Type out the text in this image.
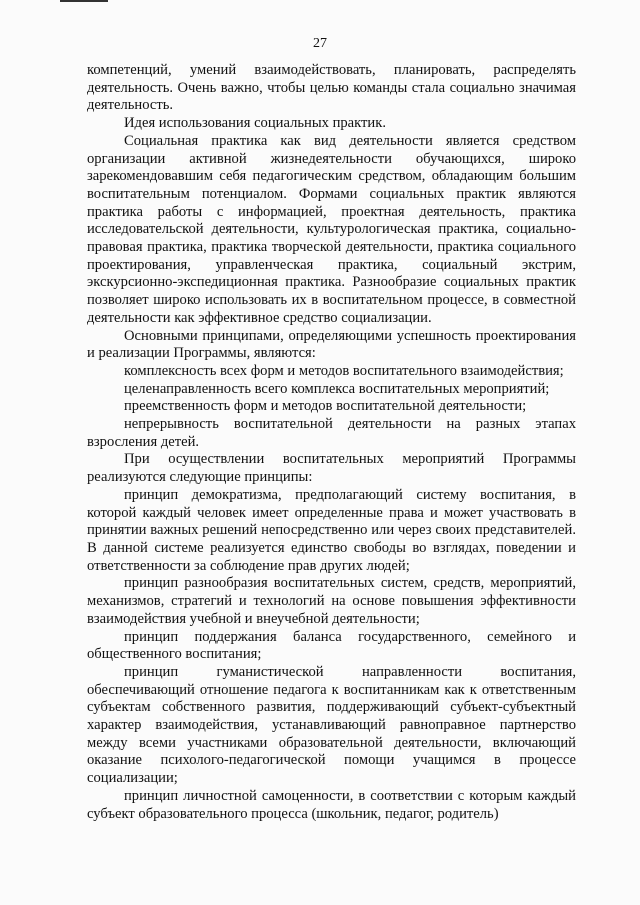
27

компетенций, умений взаимодействовать, планировать, распределять деятельность. Очень важно, чтобы целью команды стала социально значимая деятельность.

Идея использования социальных практик.

Социальная практика как вид деятельности является средством организации активной жизнедеятельности обучающихся, широко зарекомендовавшим себя педагогическим средством, обладающим большим воспитательным потенциалом. Формами социальных практик являются практика работы с информацией, проектная деятельность, практика исследовательской деятельности, культурологическая практика, социально-правовая практика, практика творческой деятельности, практика социального проектирования, управленческая практика, социальный экстрим, экскурсионно-экспедиционная практика. Разнообразие социальных практик позволяет широко использовать их в воспитательном процессе, в совместной деятельности как эффективное средство социализации.

Основными принципами, определяющими успешность проектирования и реализации Программы, являются:

комплексность всех форм и методов воспитательного взаимодействия;

целенаправленность всего комплекса воспитательных мероприятий;

преемственность форм и методов воспитательной деятельности;

непрерывность воспитательной деятельности на разных этапах взросления детей.

При осуществлении воспитательных мероприятий Программы реализуются следующие принципы:

принцип демократизма, предполагающий систему воспитания, в которой каждый человек имеет определенные права и может участвовать в принятии важных решений непосредственно или через своих представителей. В данной системе реализуется единство свободы во взглядах, поведении и ответственности за соблюдение прав других людей;

принцип разнообразия воспитательных систем, средств, мероприятий, механизмов, стратегий и технологий на основе повышения эффективности взаимодействия учебной и внеучебной деятельности;

принцип поддержания баланса государственного, семейного и общественного воспитания;

принцип гуманистической направленности воспитания, обеспечивающий отношение педагога к воспитанникам как к ответственным субъектам собственного развития, поддерживающий субъект-субъектный характер взаимодействия, устанавливающий равноправное партнерство между всеми участниками образовательной деятельности, включающий оказание психолого-педагогической помощи учащимся в процессе социализации;

принцип личностной самоценности, в соответствии с которым каждый субъект образовательного процесса (школьник, педагог, родитель)
